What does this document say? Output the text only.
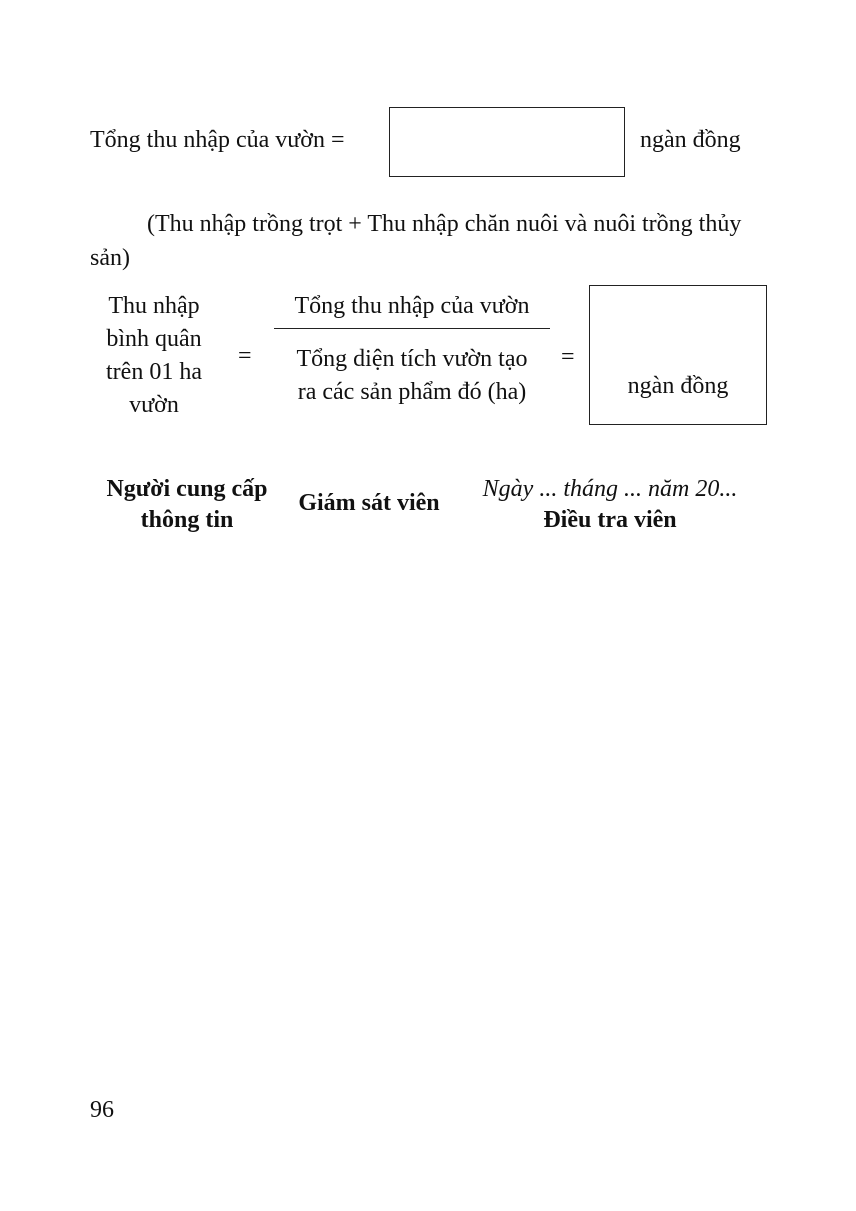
Tổng thu nhập của vườn =	ngàn đồng
(Thu nhập trồng trọt + Thu nhập chăn nuôi và nuôi trồng thủy sản)
Thu nhập
bình quân
trên 01 ha
vườn
=
Tổng thu nhập của vườn
Tổng diện tích vườn tạo
ra các sản phẩm đó (ha)
=
ngàn đồng
Người cung cấp
thông tin
Giám sát viên
Ngày ... tháng ... năm 20...
Điều tra viên
96
